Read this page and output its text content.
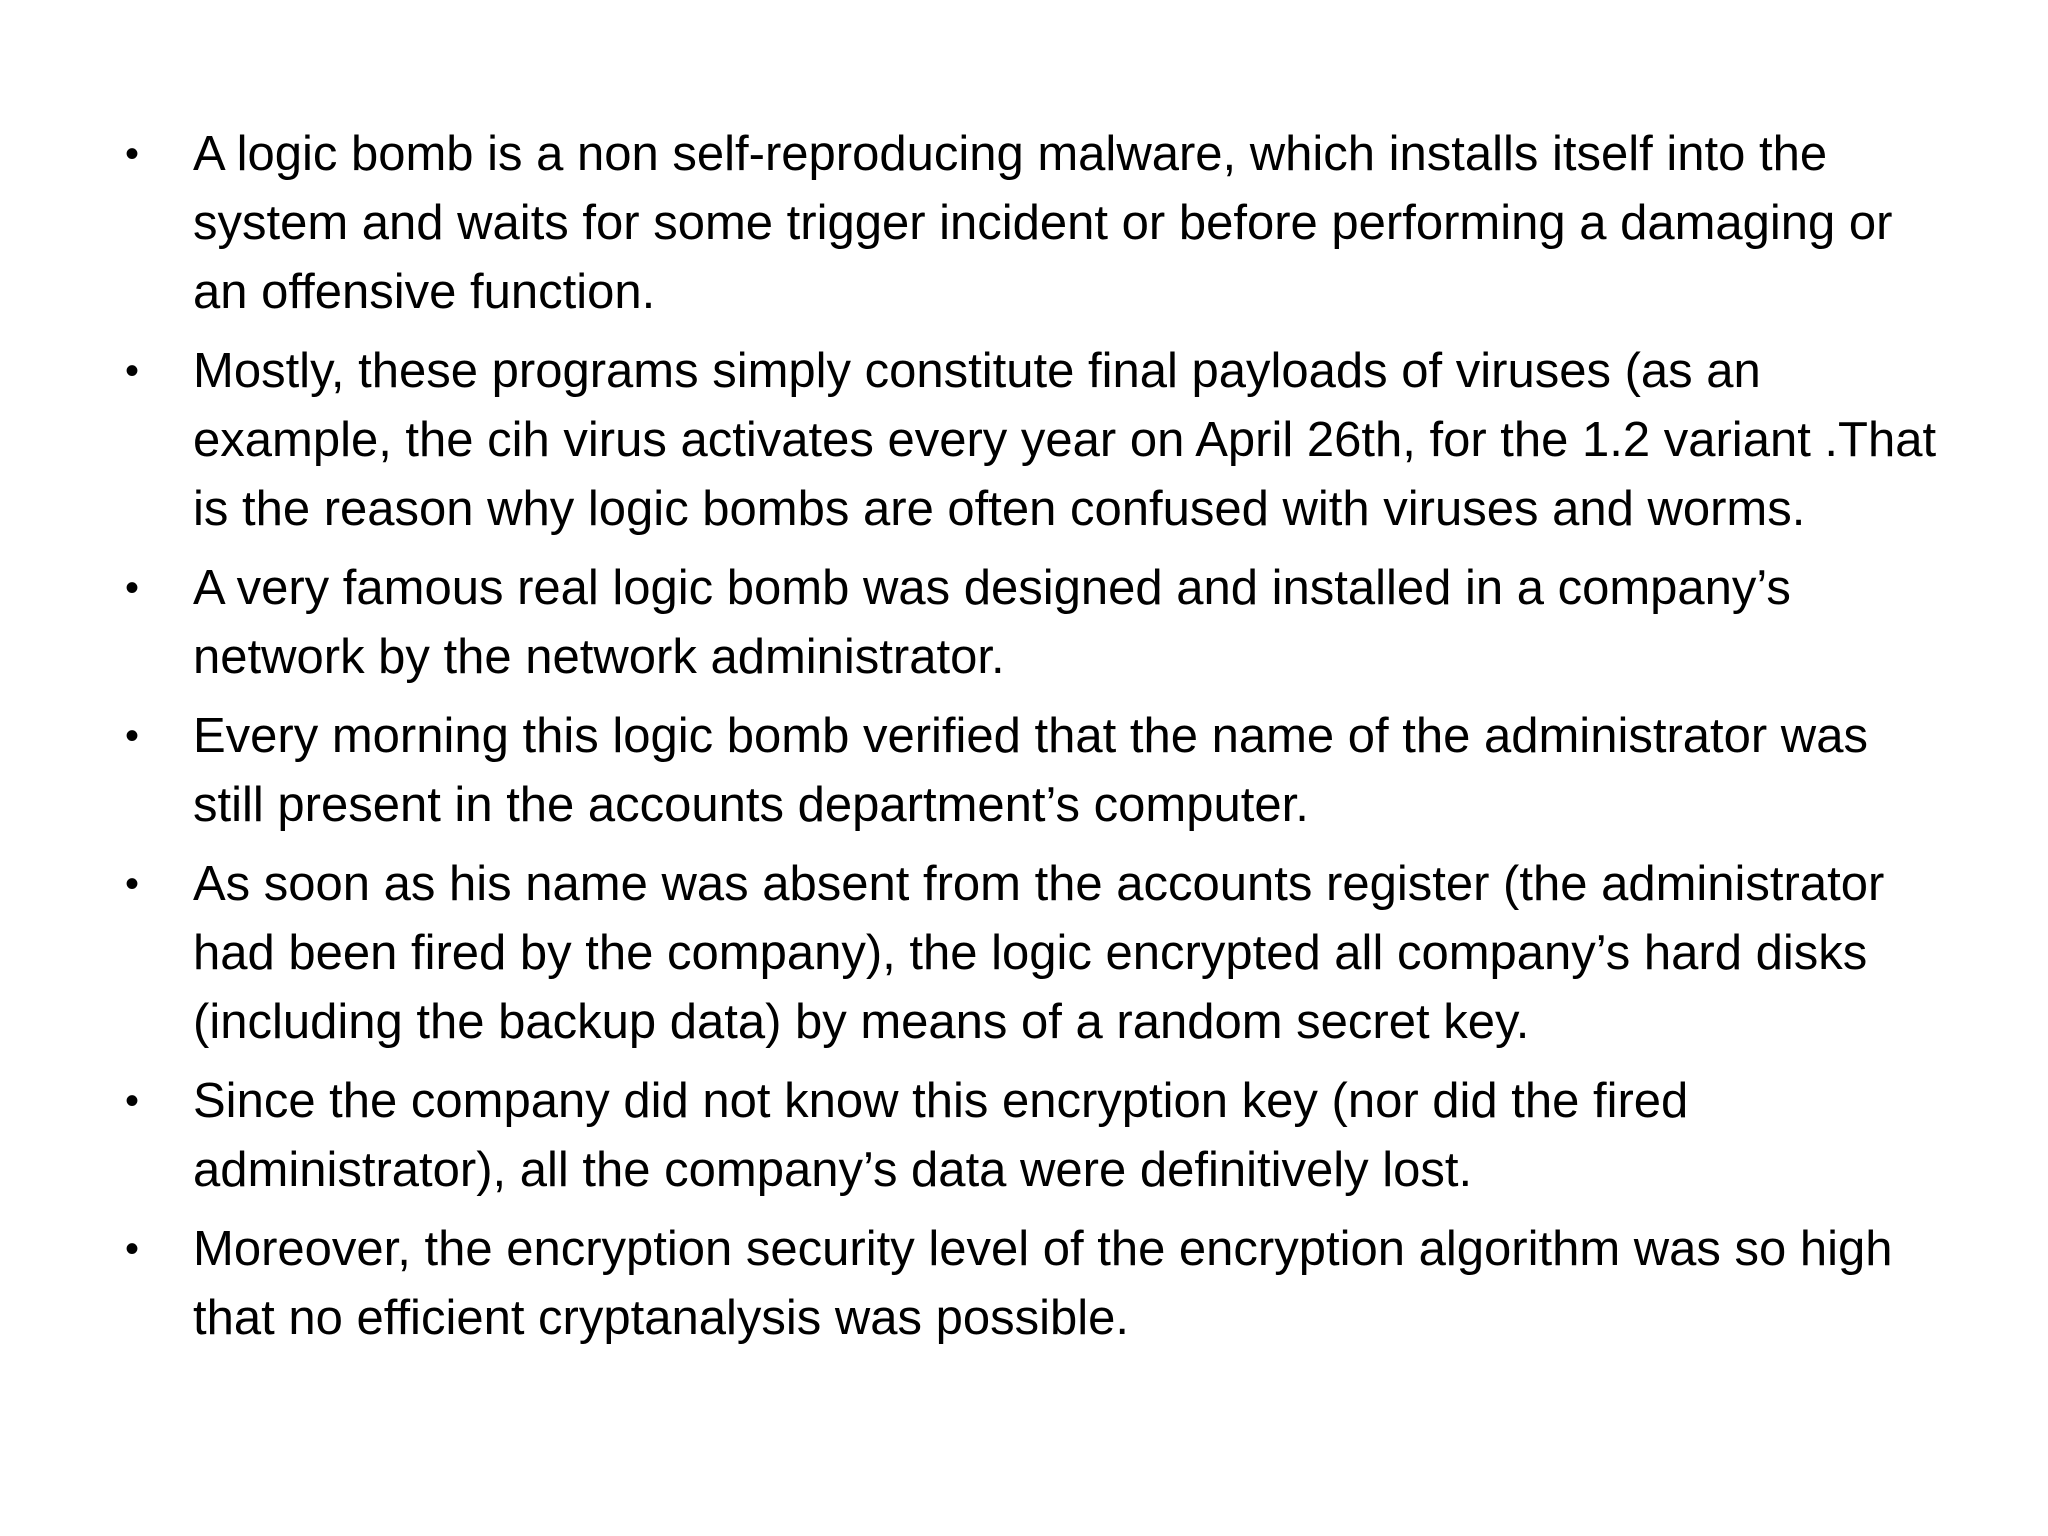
• A logic bomb is a non self-reproducing malware, which installs itself into the system and waits for some trigger incident or before performing a damaging or an offensive function.
• Mostly, these programs simply constitute final payloads of viruses (as an example, the cih virus activates every year on April 26th, for the 1.2 variant .That is the reason why logic bombs are often confused with viruses and worms.
• A very famous real logic bomb was designed and installed in a company’s network by the network administrator.
• Every morning this logic bomb verified that the name of the administrator was still present in the accounts department’s computer.
• As soon as his name was absent from the accounts register (the administrator had been fired by the company), the logic encrypted all company’s hard disks (including the backup data) by means of a random secret key.
• Since the company did not know this encryption key (nor did the fired administrator), all the company’s data were definitively lost.
• Moreover, the encryption security level of the encryption algorithm was so high that no efficient cryptanalysis was possible.
